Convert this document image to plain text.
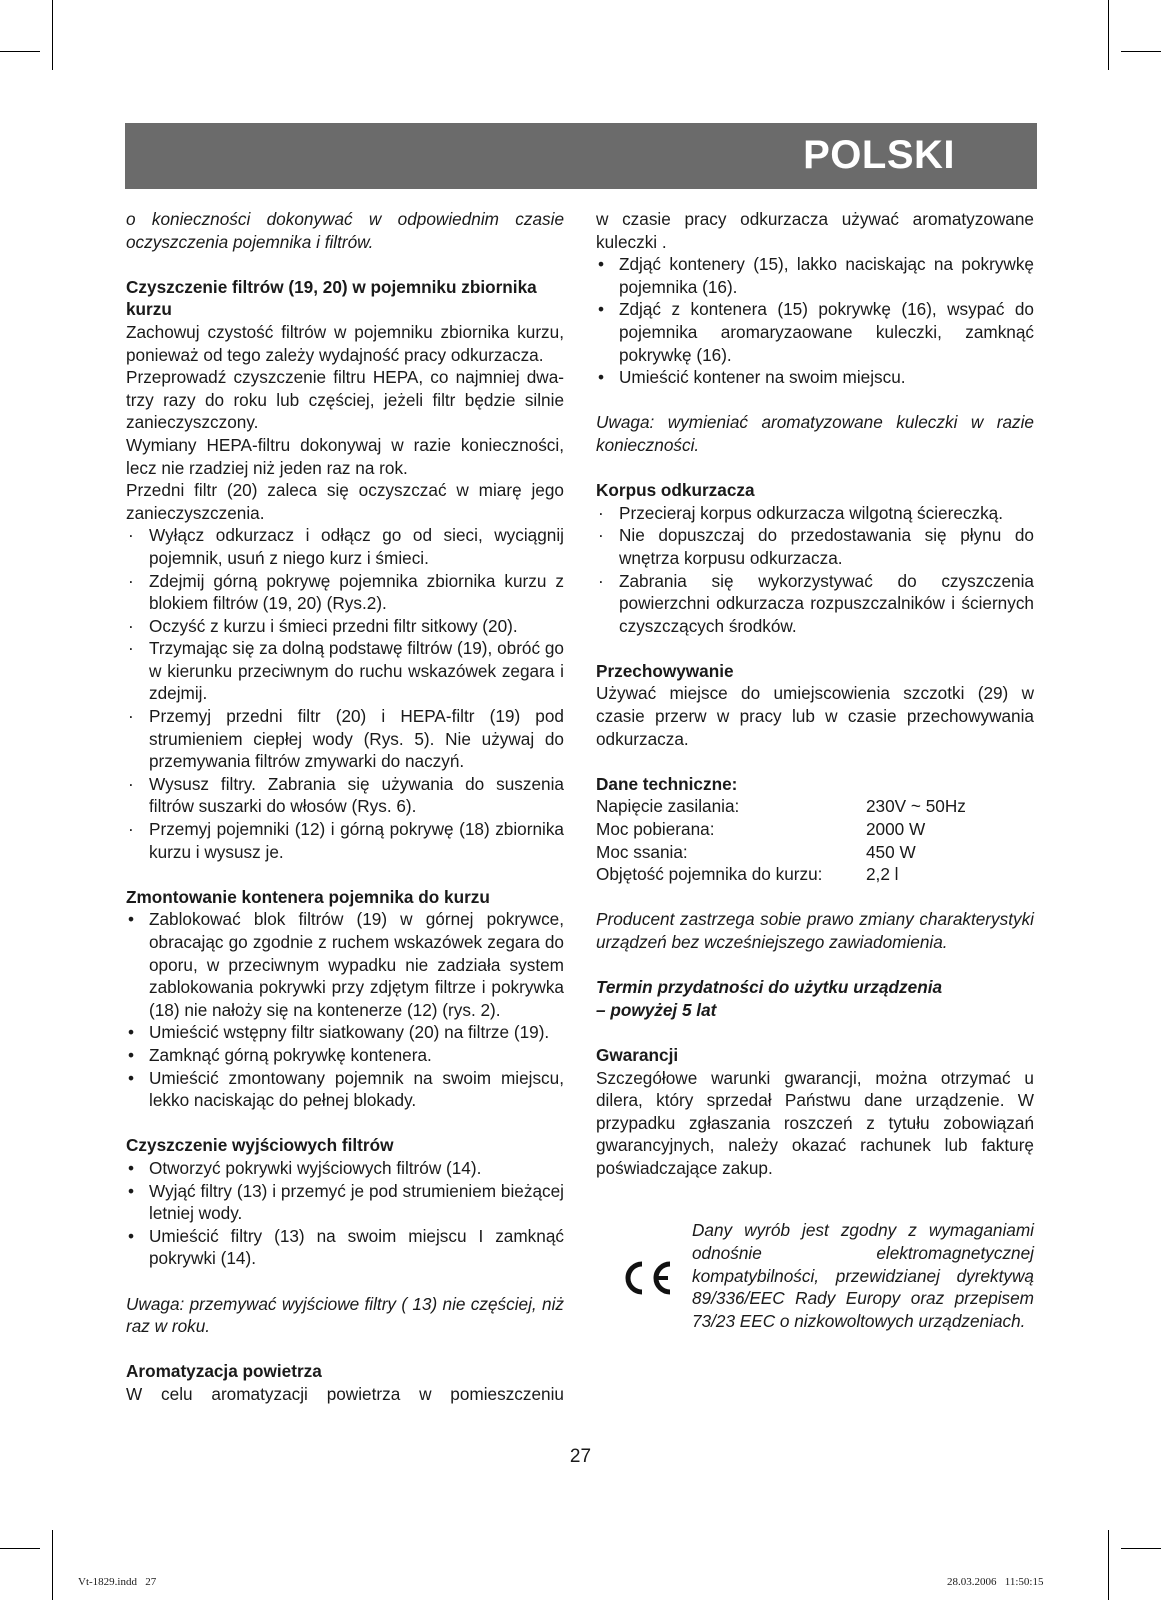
POLSKI

o konieczności dokonywać w odpowiednim czasie oczyszczenia pojemnika i filtrów.

Czyszczenie filtrów (19, 20) w pojemniku zbiornika kurzu

Zachowuj czystość filtrów w pojemniku zbiornika kurzu, ponieważ od tego zależy wydajność pracy odkurzacza.

Przeprowadź czyszczenie filtru HEPA, co najmniej dwa-trzy razy do roku lub częściej, jeżeli filtr będzie silnie zanieczyszczony.

Wymiany HEPA-filtru dokonywaj w razie konieczności, lecz nie rzadziej niż jeden raz na rok.

Przedni filtr (20) zaleca się oczyszczać w miarę jego zanieczyszczenia.

· Wyłącz odkurzacz i odłącz go od sieci, wyciągnij pojemnik, usuń z niego kurz i śmieci.

· Zdejmij górną pokrywę pojemnika zbiornika kurzu z blokiem filtrów (19, 20) (Rys.2).

· Oczyść z kurzu i śmieci przedni filtr sitkowy (20).

· Trzymając się za dolną podstawę filtrów (19), obróć go w kierunku przeciwnym do ruchu wskazówek zegara i zdejmij.

· Przemyj przedni filtr (20) i HEPA-filtr (19) pod strumieniem ciepłej wody (Rys. 5). Nie używaj do przemywania filtrów zmywarki do naczyń.

· Wysusz filtry. Zabrania się używania do suszenia filtrów suszarki do włosów (Rys. 6).

· Przemyj pojemniki (12) i górną pokrywę (18) zbiornika kurzu i wysusz je.

Zmontowanie kontenera pojemnika do kurzu

• Zablokować blok filtrów (19) w górnej pokrywce, obracając go zgodnie z ruchem wskazówek zegara do oporu, w przeciwnym wypadku nie zadziała system zablokowania pokrywki przy zdjętym filtrze i pokrywka (18) nie nałoży się na kontenerze (12) (rys. 2).

• Umieścić wstępny filtr siatkowany (20) na filtrze (19).

• Zamknąć górną pokrywkę kontenera.

• Umieścić zmontowany pojemnik na swoim miejscu, lekko naciskając do pełnej blokady.

Czyszczenie wyjściowych filtrów

• Otworzyć pokrywki wyjściowych filtrów (14).

• Wyjąć filtry (13) i przemyć je pod strumieniem bieżącej letniej wody.

• Umieścić filtry (13) na swoim miejscu I zamknąć pokrywki (14).

Uwaga: przemywać wyjściowe filtry ( 13) nie częściej, niż raz w roku.

Aromatyzacja powietrza

W celu aromatyzacji powietrza w pomieszczeniu

w czasie pracy odkurzacza używać aromatyzowane kuleczki .

• Zdjąć kontenery (15), lakko naciskając na pokrywkę pojemnika (16).

• Zdjąć z kontenera (15) pokrywkę (16), wsypać do pojemnika aromaryzaowane kuleczki, zamknąć pokrywkę (16).

• Umieścić kontener na swoim miejscu.

Uwaga: wymieniać aromatyzowane kuleczki w razie konieczności.

Korpus odkurzacza

· Przecieraj korpus odkurzacza wilgotną ściereczką.

· Nie dopuszczaj do przedostawania się płynu do wnętrza korpusu odkurzacza.

· Zabrania się wykorzystywać do czyszczenia powierzchni odkurzacza rozpuszczalników i ściernych czyszczących środków.

Przechowywanie

Używać miejsce do umiejscowienia szczotki (29) w czasie przerw w pracy lub w czasie przechowywania odkurzacza.

Dane techniczne:

Napięcie zasilania:	230V ~ 50Hz
Moc pobierana:	2000 W
Moc ssania:	450 W
Objętość pojemnika do kurzu:	2,2 l

Producent zastrzega sobie prawo zmiany charakterystyki urządzeń bez wcześniejszego zawiadomienia.

Termin przydatności do użytku urządzenia

– powyżej 5 lat

Gwarancji

Szczegółowe warunki gwarancji, można otrzymać u dilera, który sprzedał Państwu dane urządzenie. W przypadku zgłaszania roszczeń z tytułu zobowiązań gwarancyjnych, należy okazać rachunek lub fakturę poświadczające zakup.

Dany wyrób jest zgodny z wymaganiami odnośnie elektromagnetycznej kompatybilności, przewidzianej dyrektywą 89/336/EEC Rady Europy oraz przepisem 73/23 EEC o nizkowoltowych urządzeniach.

27
Vt-1829.indd   27	28.03.2006   11:50:15
